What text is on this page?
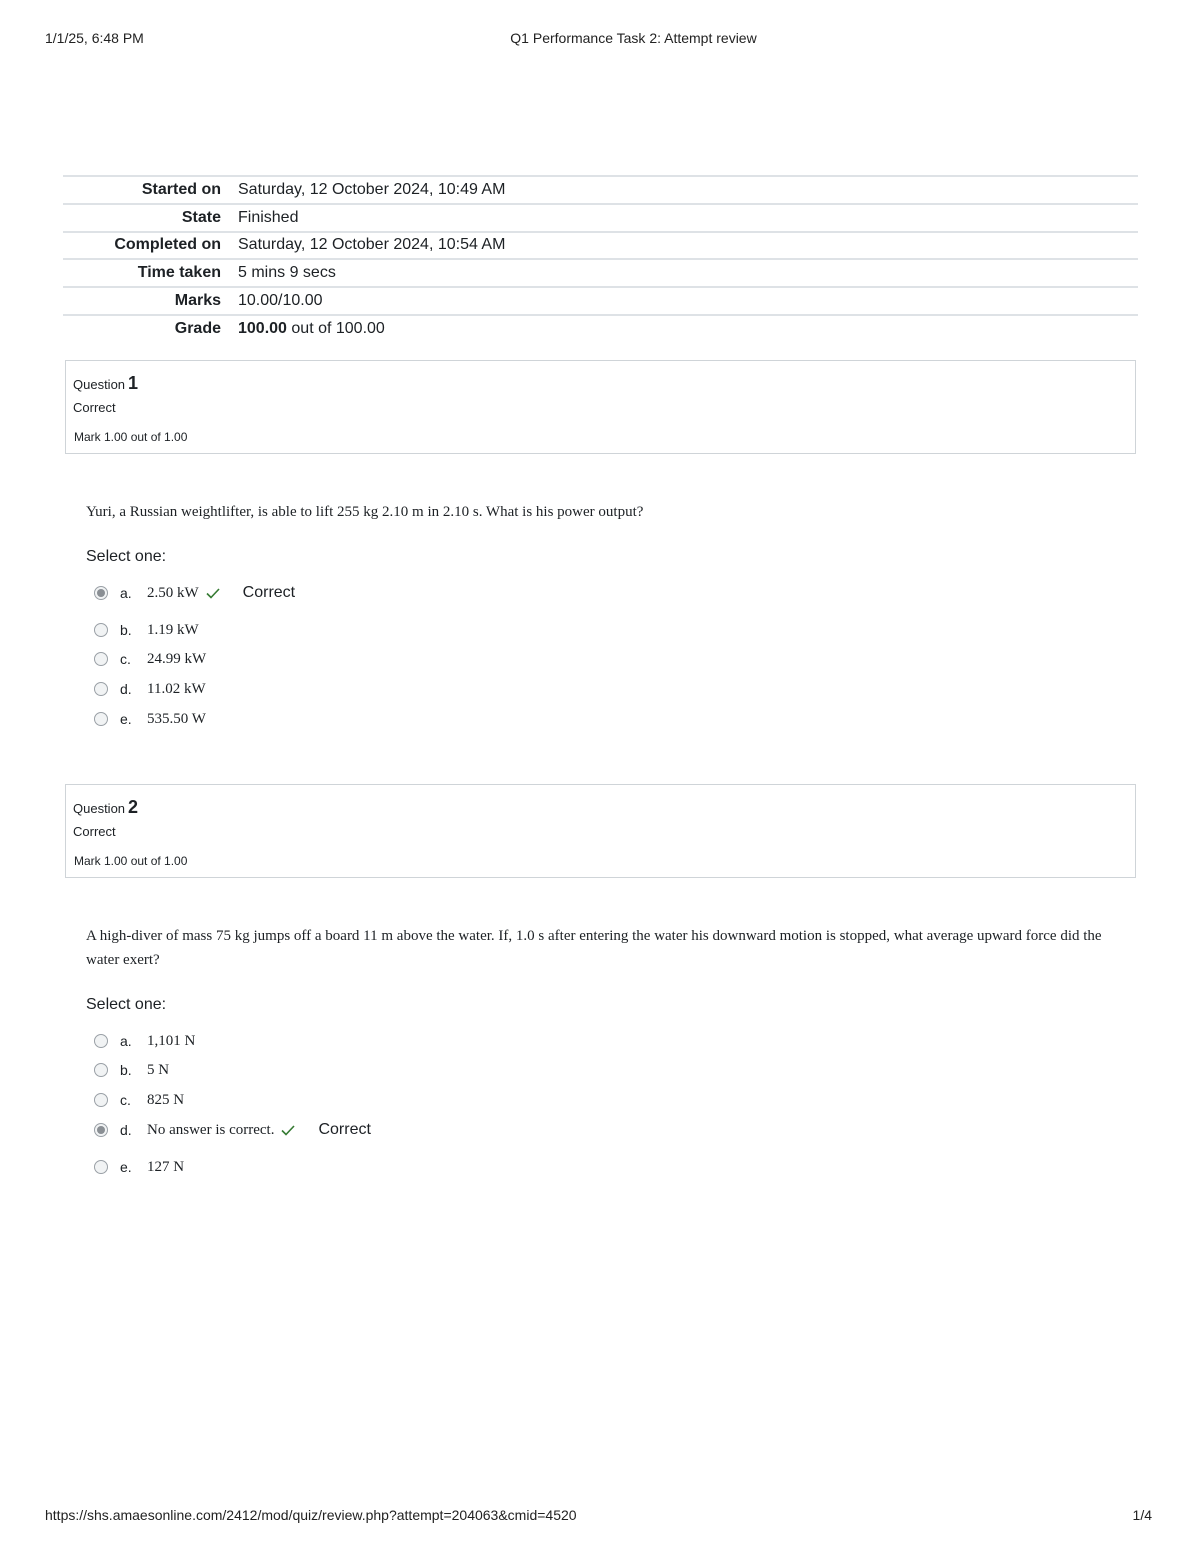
1/1/25, 6:48 PM	Q1 Performance Task 2: Attempt review
Started on	Saturday, 12 October 2024, 10:49 AM
State	Finished
Completed on	Saturday, 12 October 2024, 10:54 AM
Time taken	5 mins 9 secs
Marks	10.00/10.00
Grade	100.00 out of 100.00
Question 1
Correct
Mark 1.00 out of 1.00
Yuri, a Russian weightlifter, is able to lift 255 kg 2.10 m in 2.10 s. What is his power output?
Select one:
a.	2.50 kW	Correct
b.	1.19 kW
c.	24.99 kW
d.	11.02 kW
e.	535.50 W
Question 2
Correct
Mark 1.00 out of 1.00
A high-diver of mass 75 kg jumps off a board 11 m above the water. If, 1.0 s after entering the water his downward motion is stopped, what average upward force did the water exert?
Select one:
a.	1,101 N
b.	5 N
c.	825 N
d.	No answer is correct.	Correct
e.	127 N
https://shs.amaesonline.com/2412/mod/quiz/review.php?attempt=204063&cmid=4520	1/4
